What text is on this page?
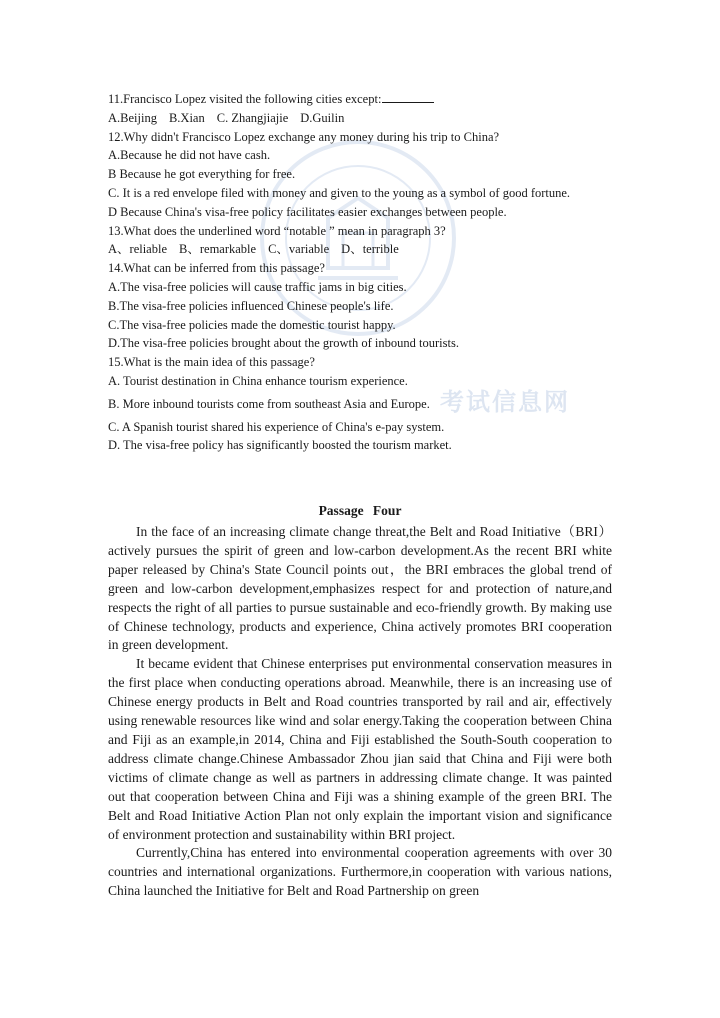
考试信息网
11.Francisco Lopez visited the following cities except:
A.Beijing B.Xian C. Zhangjiajie D.Guilin
12.Why didn't Francisco Lopez exchange any money during his trip to China?
A.Because he did not have cash.
B Because he got everything for free.
C. It is a red envelope filed with money and given to the young as a symbol of good fortune.
D Because China's visa-free policy facilitates easier exchanges between people.
13.What does the underlined word “notable ” mean in paragraph 3?
A、reliable B、remarkable C、variable D、terrible
14.What can be inferred from this passage?
A.The visa-free policies will cause traffic jams in big cities.
B.The visa-free policies influenced Chinese people's life.
C.The visa-free policies made the domestic tourist happy.
D.The visa-free policies brought about the growth of inbound tourists.
15.What is the main idea of this passage?
A. Tourist destination in China enhance tourism experience.
B. More inbound tourists come from southeast Asia and Europe.
C. A Spanish tourist shared his experience of China's e-pay system.
D. The visa-free policy has significantly boosted the tourism market.
Passage Four

In the face of an increasing climate change threat,the Belt and Road Initiative（BRI）actively pursues the spirit of green and low-carbon development.As the recent BRI white paper released by China's State Council points out，the BRI embraces the global trend of green and low-carbon development,emphasizes respect for and protection of nature,and respects the right of all parties to pursue sustainable and eco-friendly growth. By making use of Chinese technology, products and experience, China actively promotes BRI cooperation in green development.

It became evident that Chinese enterprises put environmental conservation measures in the first place when conducting operations abroad. Meanwhile, there is an increasing use of Chinese energy products in Belt and Road countries transported by rail and air, effectively using renewable resources like wind and solar energy.Taking the cooperation between China and Fiji as an example,in 2014, China and Fiji established the South-South cooperation to address climate change.Chinese Ambassador Zhou jian said that China and Fiji were both victims of climate change as well as partners in addressing climate change. It was painted out that cooperation between China and Fiji was a shining example of the green BRI. The Belt and Road Initiative Action Plan not only explain the important vision and significance of environment protection and sustainability within BRI project.

Currently,China has entered into environmental cooperation agreements with over 30 countries and international organizations. Furthermore,in cooperation with various nations, China launched the Initiative for Belt and Road Partnership on green
